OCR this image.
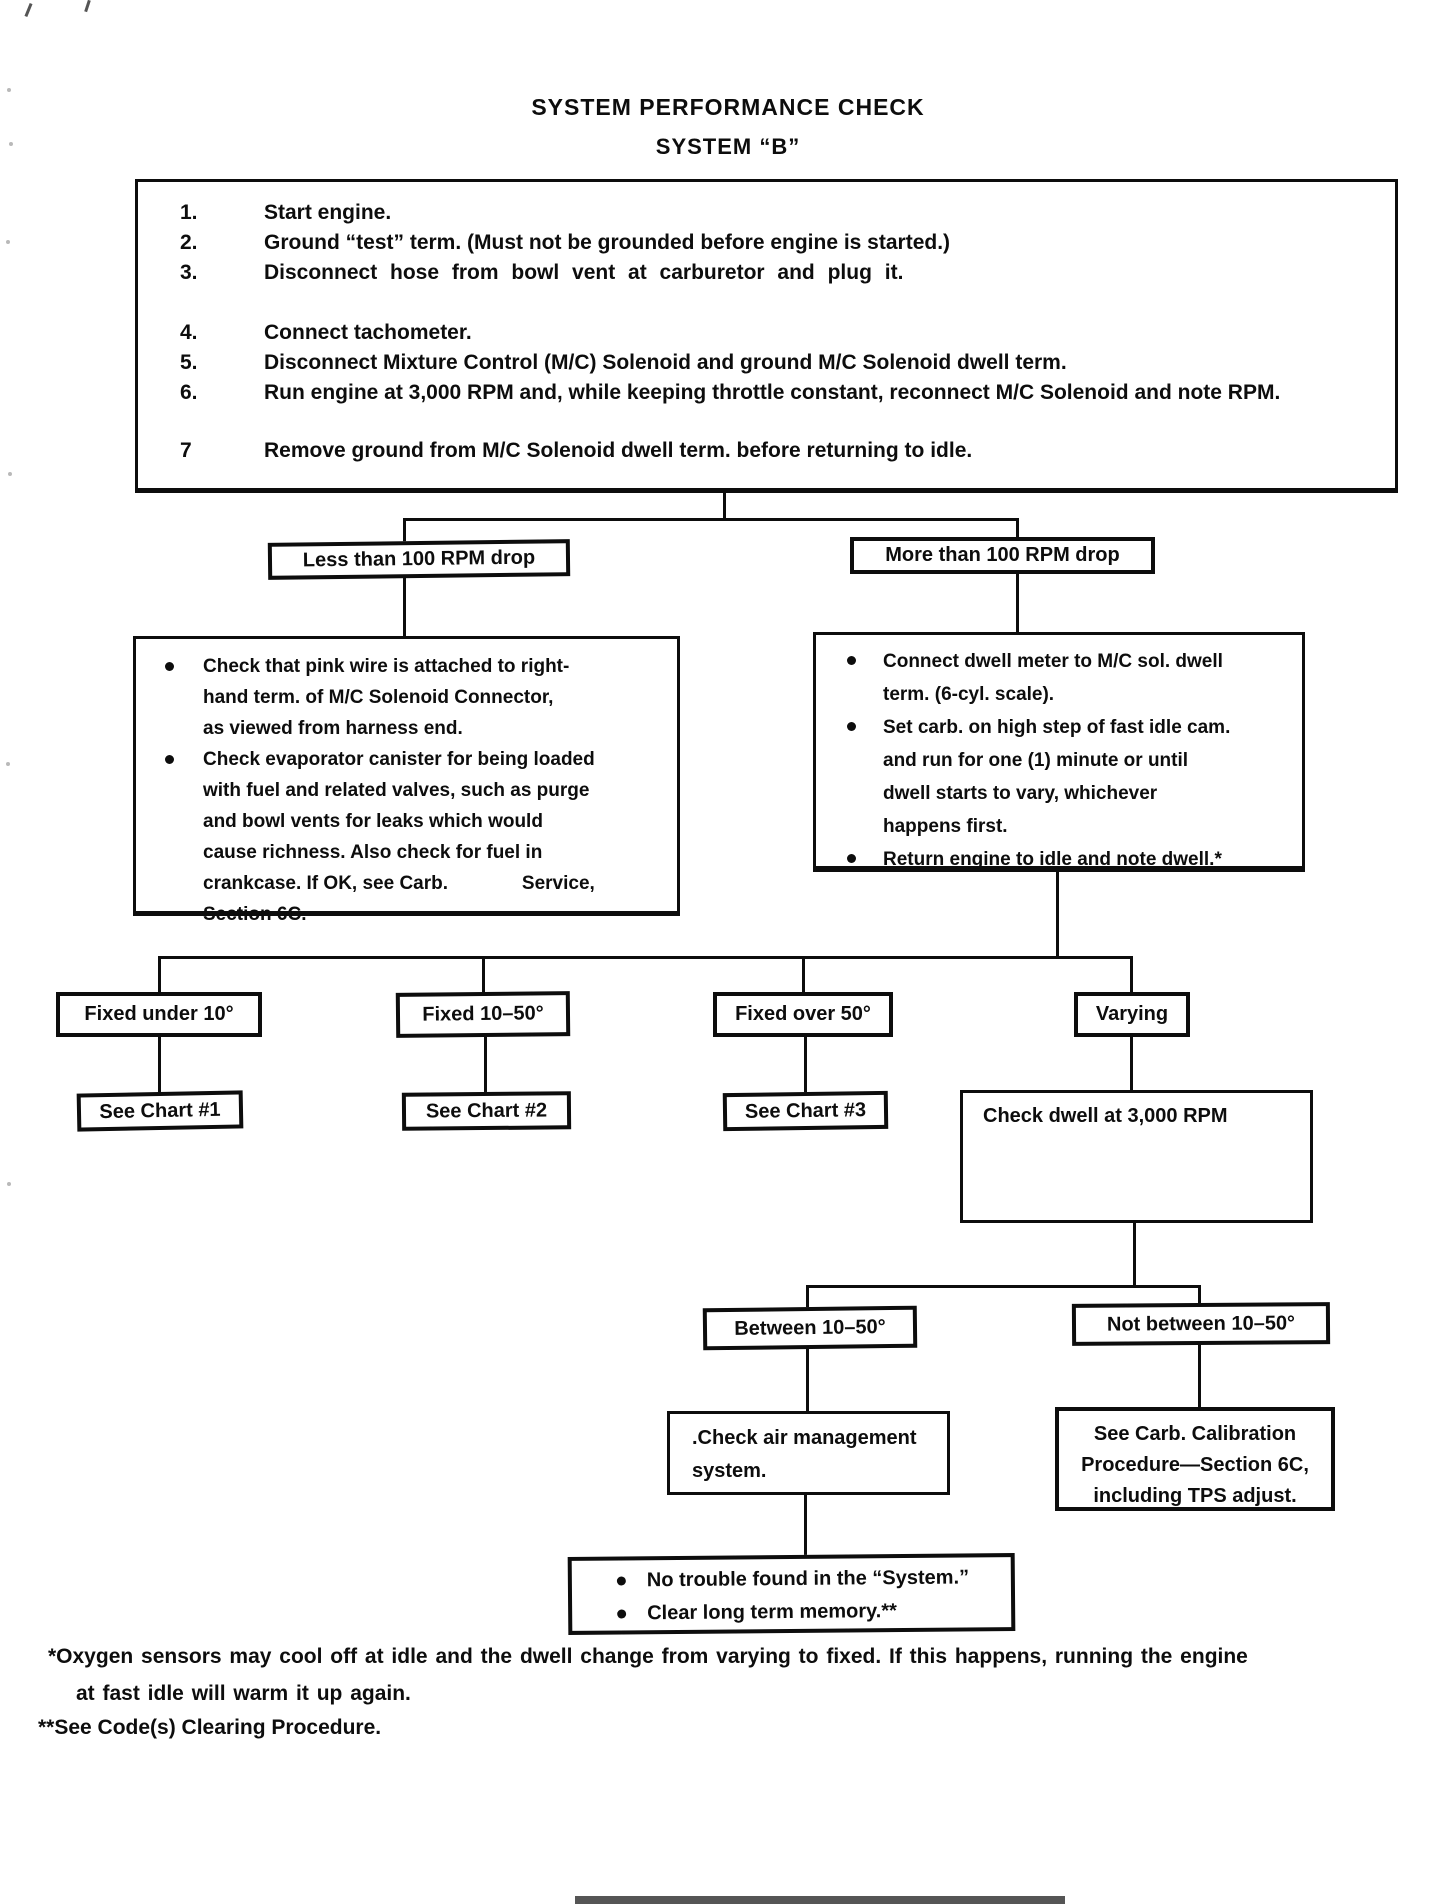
SYSTEM PERFORMANCE CHECK
SYSTEM “B”
1.	Start engine.
2.	Ground “test” term. (Must not be grounded before engine is started.)
3.	Disconnect hose from bowl vent at carburetor and plug it.
4.	Connect tachometer.
5.	Disconnect Mixture Control (M/C) Solenoid and ground M/C Solenoid dwell term.
6.	Run engine at 3,000 RPM and, while keeping throttle constant, reconnect M/C Solenoid and note RPM.
7	Remove ground from M/C Solenoid dwell term. before returning to idle.
Less than 100 RPM drop	More than 100 RPM drop
Check that pink wire is attached to right-
hand term. of M/C Solenoid Connector,
as viewed from harness end.
Check evaporator canister for being loaded
with fuel and related valves, such as purge
and bowl vents for leaks which would
cause richness. Also check for fuel in
crankcase. If OK, see Carb.              Service,
Section 6C.
Connect dwell meter to M/C sol. dwell
term. (6-cyl. scale).
Set carb. on high step of fast idle cam.
and run for one (1) minute or until
dwell starts to vary, whichever
happens first.
Return engine to idle and note dwell.*
Fixed under 10°	Fixed 10–50°	Fixed over 50°	Varying
See Chart #1	See Chart #2	See Chart #3	Check dwell at 3,000 RPM
Between 10–50°	Not between 10–50°
.Check air management
system.
See Carb. Calibration
Procedure—Section 6C,
including TPS adjust.
No trouble found in the “System.”
Clear long term memory.**
*Oxygen sensors may cool off at idle and the dwell change from varying to fixed. If this happens, running the engine
at fast idle will warm it up again.
**See Code(s) Clearing Procedure.
